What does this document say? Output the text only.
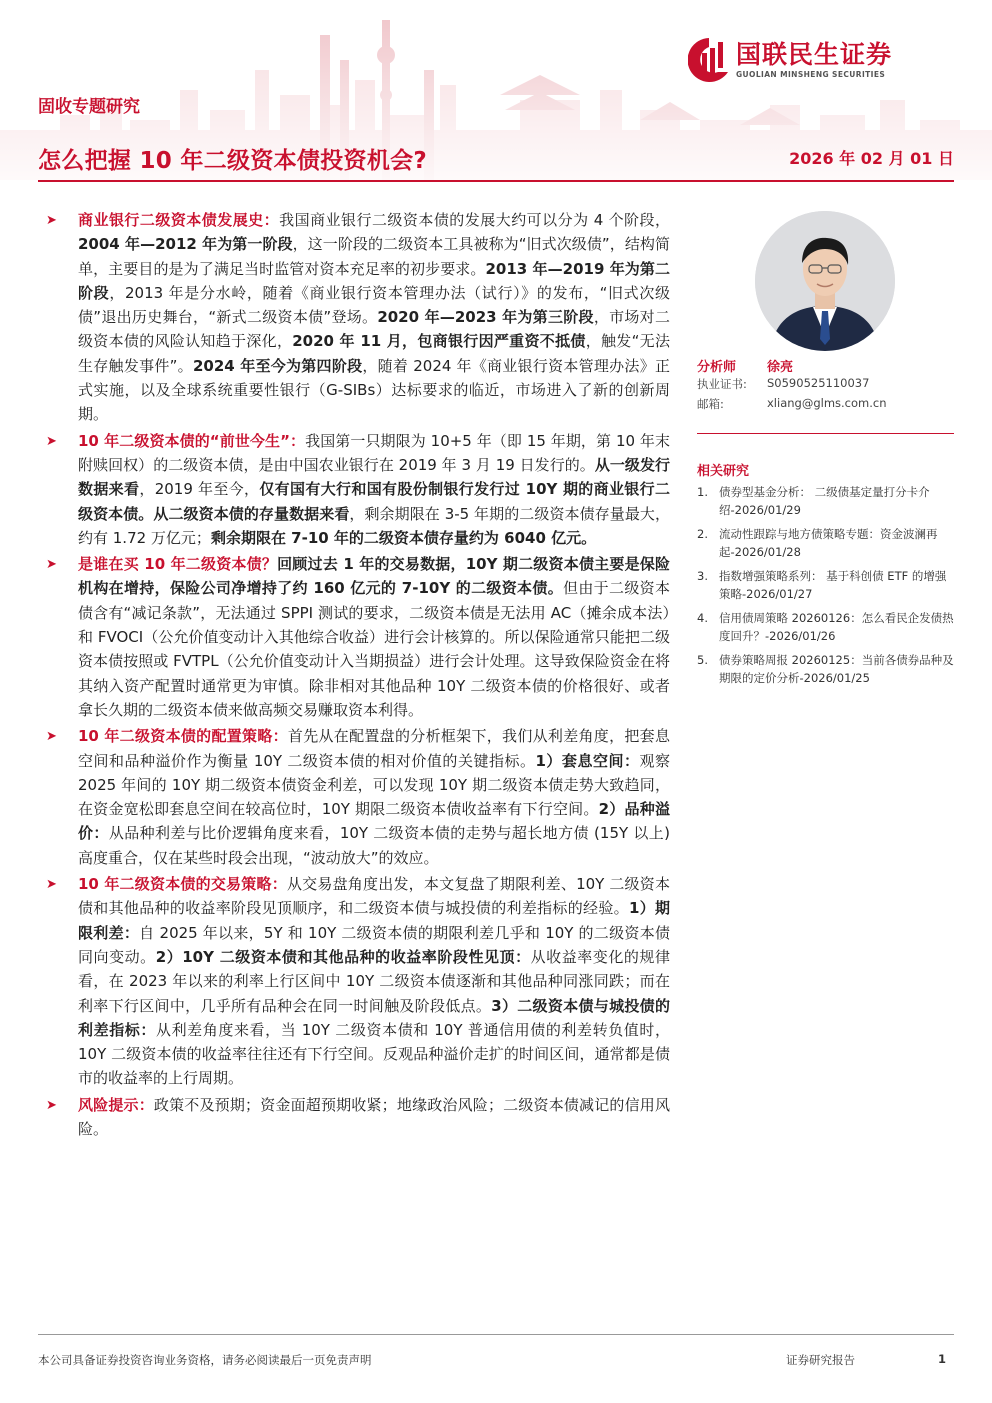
国联民生证券
GUOLIAN MINSHENG SECURITIES
固收专题研究
怎么把握 10 年二级资本债投资机会?	2026 年 02 月 01 日
➤	商业银行二级资本债发展史：我国商业银行二级资本债的发展大约可以分为 4 个阶段，2004 年—2012 年为第一阶段，这一阶段的二级资本工具被称为“旧式次级债”，结构简单，主要目的是为了满足当时监管对资本充足率的初步要求。2013 年—2019 年为第二阶段，2013 年是分水岭，随着《商业银行资本管理办法（试行）》的发布，“旧式次级债”退出历史舞台，“新式二级资本债”登场。2020 年—2023 年为第三阶段，市场对二级资本债的风险认知趋于深化，2020 年 11 月，包商银行因严重资不抵债，触发“无法生存触发事件”。2024 年至今为第四阶段，随着 2024 年《商业银行资本管理办法》正式实施，以及全球系统重要性银行（G-SIBs）达标要求的临近，市场进入了新的创新周期。
➤	10 年二级资本债的“前世今生”：我国第一只期限为 10+5 年（即 15 年期，第 10 年末附赎回权）的二级资本债，是由中国农业银行在 2019 年 3 月 19 日发行的。从一级发行数据来看，2019 年至今，仅有国有大行和国有股份制银行发行过 10Y 期的商业银行二级资本债。从二级资本债的存量数据来看，剩余期限在 3-5 年期的二级资本债存量最大，约有 1.72 万亿元；剩余期限在 7-10 年的二级资本债存量约为 6040 亿元。
➤	是谁在买 10 年二级资本债？回顾过去 1 年的交易数据，10Y 期二级资本债主要是保险机构在增持，保险公司净增持了约 160 亿元的 7-10Y 的二级资本债。但由于二级资本债含有“减记条款”，无法通过 SPPI 测试的要求，二级资本债是无法用 AC（摊余成本法）和 FVOCI（公允价值变动计入其他综合收益）进行会计核算的。所以保险通常只能把二级资本债按照或 FVTPL（公允价值变动计入当期损益）进行会计处理。这导致保险资金在将其纳入资产配置时通常更为审慎。除非相对其他品种 10Y 二级资本债的价格很好、或者拿长久期的二级资本债来做高频交易赚取资本利得。
➤	10 年二级资本债的配置策略：首先从在配置盘的分析框架下，我们从利差角度，把套息空间和品种溢价作为衡量 10Y 二级资本债的相对价值的关键指标。1）套息空间：观察 2025 年间的 10Y 期二级资本债资金利差，可以发现 10Y 期二级资本债走势大致趋同，在资金宽松即套息空间在较高位时，10Y 期限二级资本债收益率有下行空间。2）品种溢价：从品种利差与比价逻辑角度来看，10Y 二级资本债的走势与超长地方债 (15Y 以上) 高度重合，仅在某些时段会出现，“波动放大”的效应。
➤	10 年二级资本债的交易策略：从交易盘角度出发，本文复盘了期限利差、10Y 二级资本债和其他品种的收益率阶段见顶顺序，和二级资本债与城投债的利差指标的经验。1）期限利差：自 2025 年以来，5Y 和 10Y 二级资本债的期限利差几乎和 10Y 的二级资本债同向变动。2）10Y 二级资本债和其他品种的收益率阶段性见顶：从收益率变化的规律看，在 2023 年以来的利率上行区间中 10Y 二级资本债逐渐和其他品种同涨同跌；而在利率下行区间中，几乎所有品种会在同一时间触及阶段低点。3）二级资本债与城投债的利差指标：从利差角度来看，当 10Y 二级资本债和 10Y 普通信用债的利差转负值时，10Y 二级资本债的收益率往往还有下行空间。反观品种溢价走扩的时间区间，通常都是债市的收益率的上行周期。
➤	风险提示：政策不及预期；资金面超预期收紧；地缘政治风险；二级资本债减记的信用风险。
分析师 徐亮
执业证书: S0590525110037
邮箱:	xliang@glms.com.cn
相关研究
1. 债券型基金分析： 二级债基定量打分卡介绍-2026/01/29
2. 流动性跟踪与地方债策略专题：资金波澜再起-2026/01/28
3. 指数增强策略系列： 基于科创债 ETF 的增强策略-2026/01/27
4. 信用债周策略 20260126：怎么看民企发债热度回升？-2026/01/26
5. 债券策略周报 20260125：当前各债券品种及期限的定价分析-2026/01/25
本公司具备证券投资咨询业务资格，请务必阅读最后一页免责声明	证券研究报告	1
